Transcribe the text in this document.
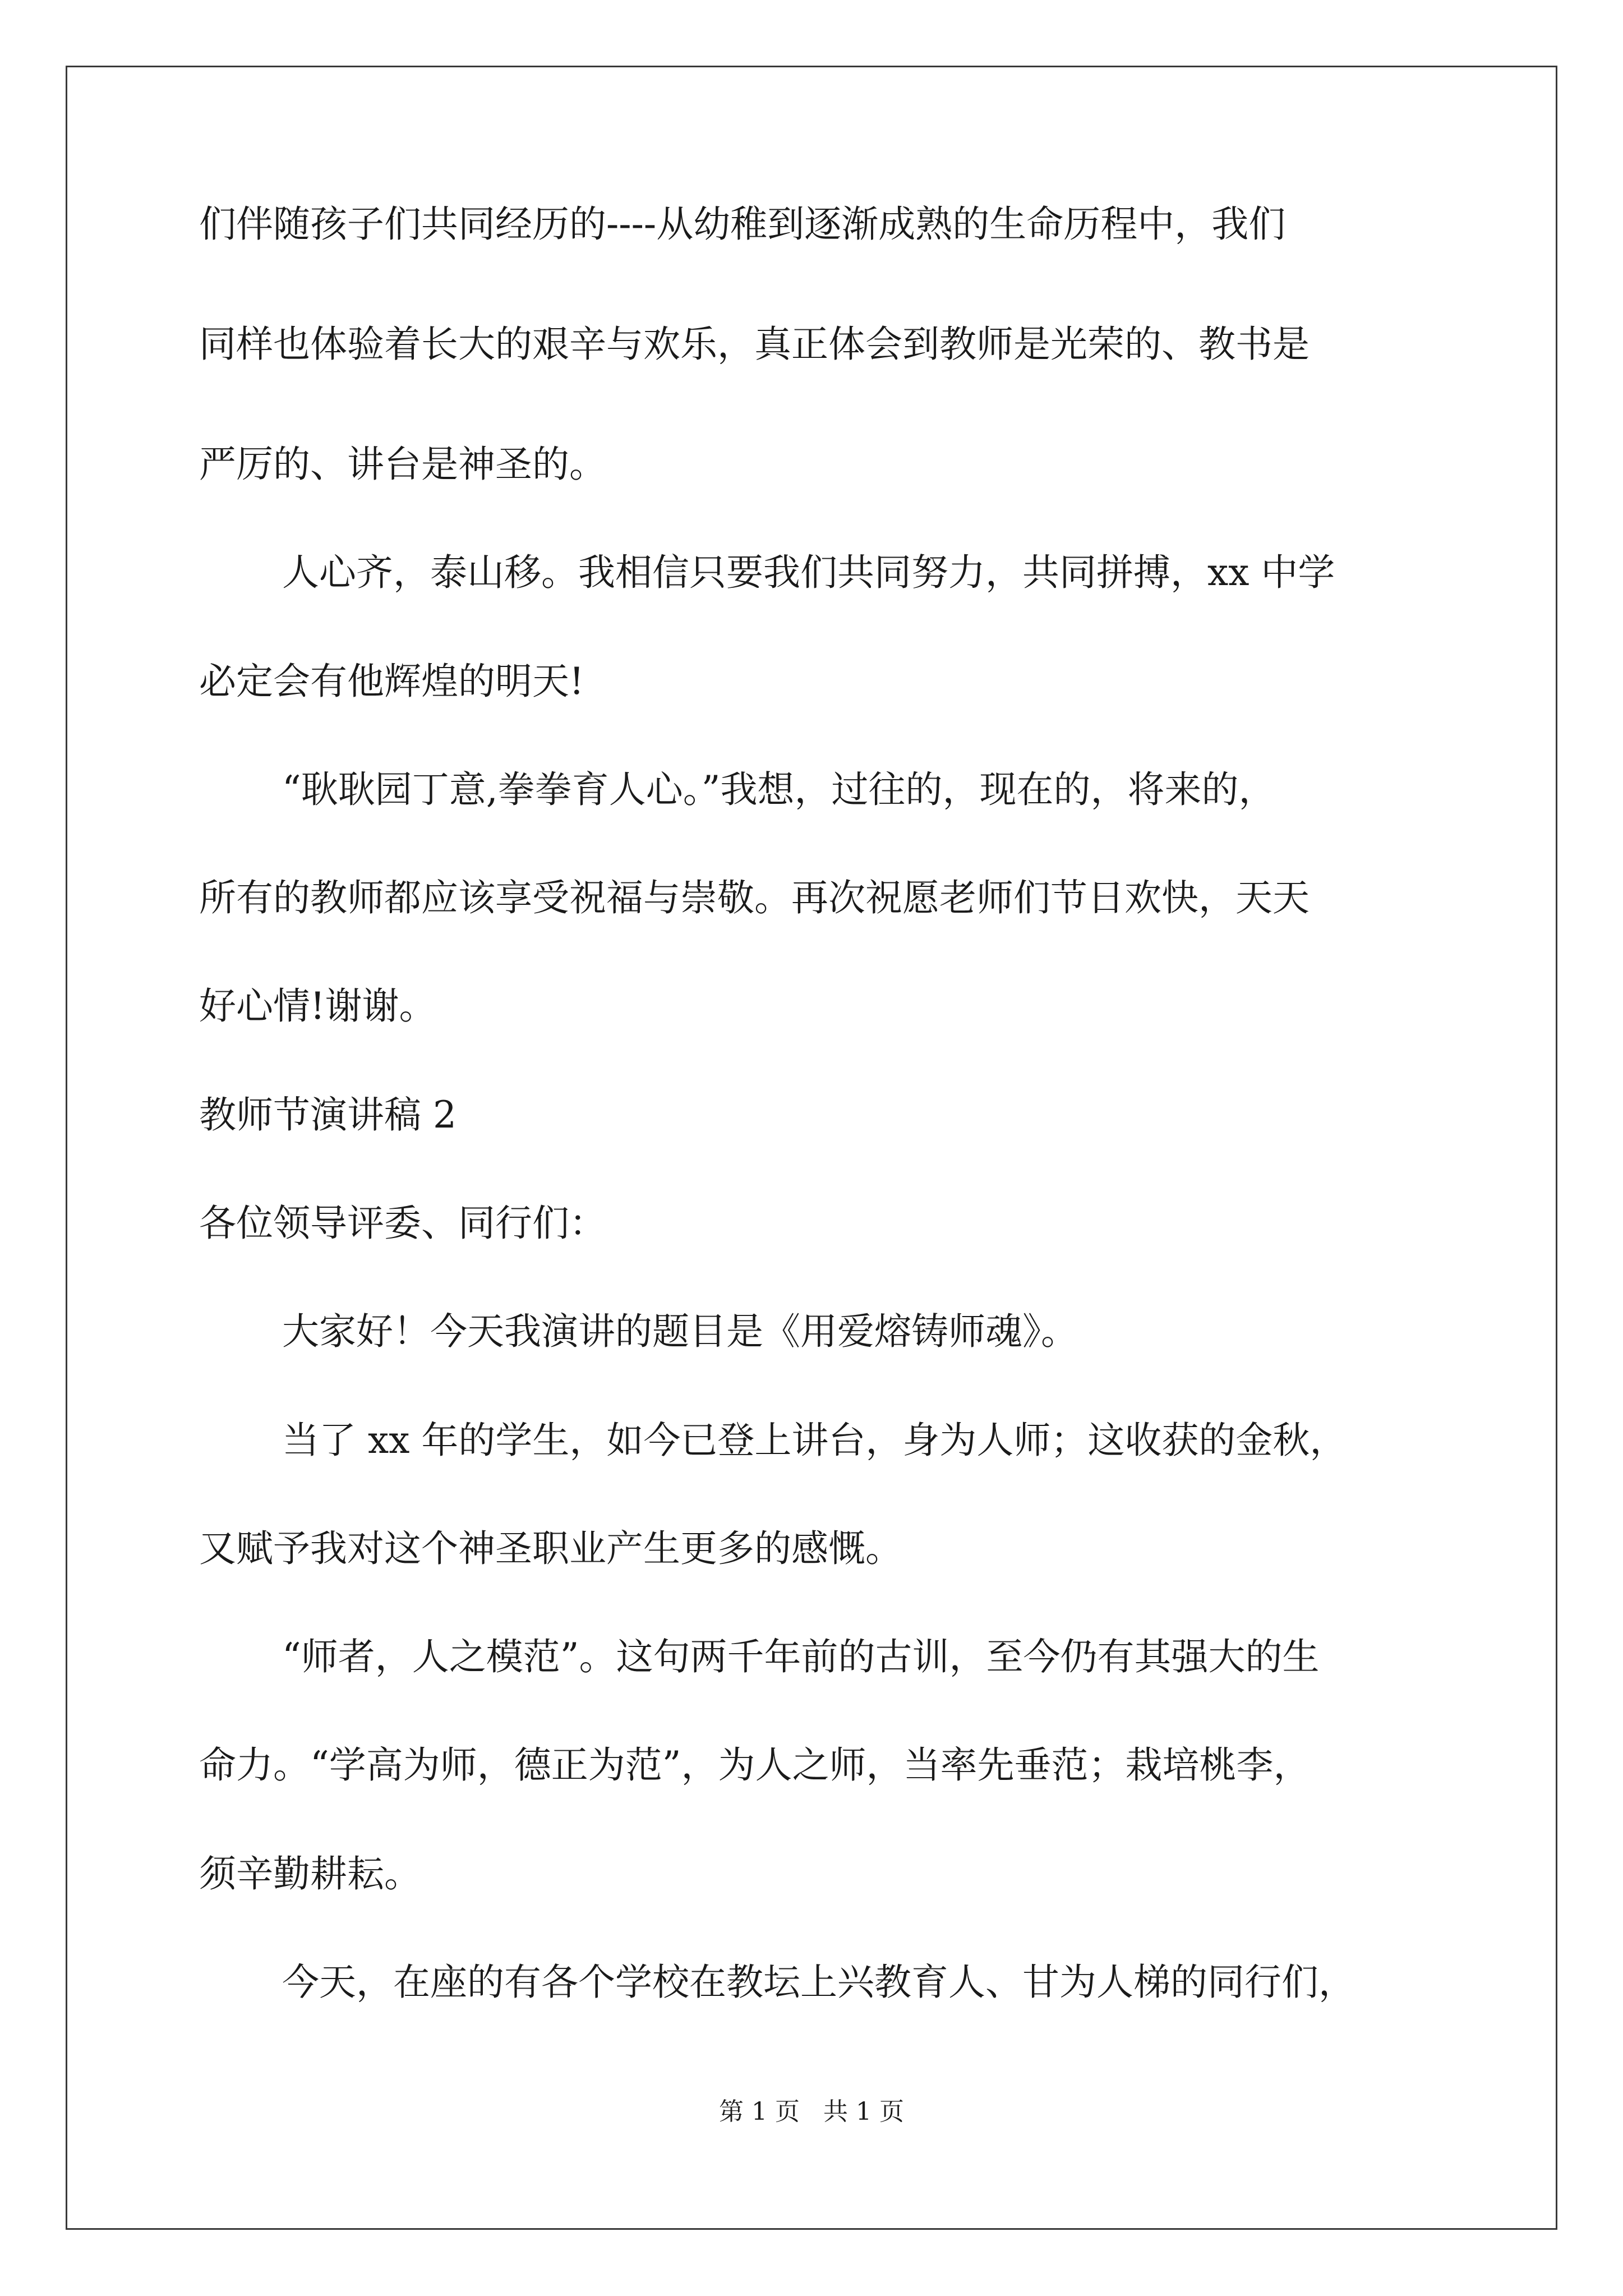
们伴随孩子们共同经历的----从幼稚到逐渐成熟的生命历程中，我们
同样也体验着长大的艰辛与欢乐，真正体会到教师是光荣的、教书是
严厉的、讲台是神圣的。
人心齐，泰山移。我相信只要我们共同努力，共同拼搏，xx 中学
必定会有他辉煌的明天!
“耿耿园丁意,拳拳育人心。”我想，过往的，现在的，将来的，
所有的教师都应该享受祝福与崇敬。再次祝愿老师们节日欢快，天天
好心情!谢谢。
教师节演讲稿 2
各位领导评委、同行们：
大家好！今天我演讲的题目是《用爱熔铸师魂》。
当了 xx 年的学生，如今已登上讲台，身为人师；这收获的金秋，
又赋予我对这个神圣职业产生更多的感慨。
“师者，人之模范”。这句两千年前的古训，至今仍有其强大的生
命力。“学高为师，德正为范”，为人之师，当率先垂范；栽培桃李，
须辛勤耕耘。
今天，在座的有各个学校在教坛上兴教育人、甘为人梯的同行们，
第 1 页   共 1 页
